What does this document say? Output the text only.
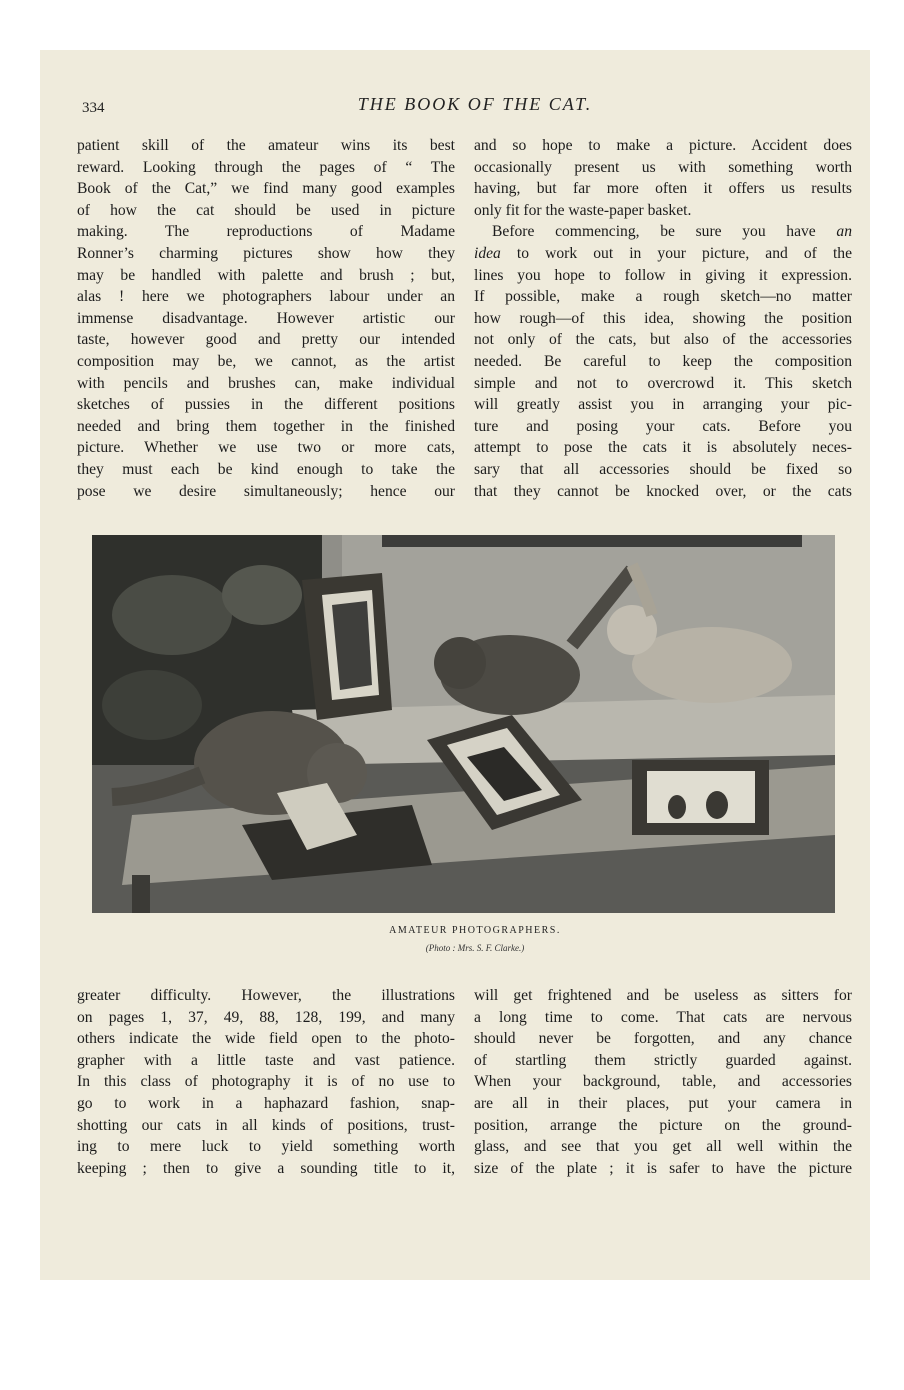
334	THE BOOK OF THE CAT.
patient skill of the amateur wins its best
reward. Looking through the pages of “ The
Book of the Cat,” we find many good examples
of how the cat should be used in picture
making. The reproductions of Madame
Ronner’s charming pictures show how they
may be handled with palette and brush ; but,
alas ! here we photographers labour under an
immense disadvantage. However artistic our
taste, however good and pretty our intended
composition may be, we cannot, as the artist
with pencils and brushes can, make individual
sketches of pussies in the different positions
needed and bring them together in the finished
picture. Whether we use two or more cats,
they must each be kind enough to take the
pose we desire simultaneously; hence our
and so hope to make a picture. Accident does
occasionally present us with something worth
having, but far more often it offers us results
only fit for the waste-paper basket.
Before commencing, be sure you have an
idea to work out in your picture, and of the
lines you hope to follow in giving it expression.
If possible, make a rough sketch—no matter
how rough—of this idea, showing the position
not only of the cats, but also of the accessories
needed. Be careful to keep the composition
simple and not to overcrowd it. This sketch
will greatly assist you in arranging your pic-
ture and posing your cats. Before you
attempt to pose the cats it is absolutely neces-
sary that all accessories should be fixed so
that they cannot be knocked over, or the cats
AMATEUR PHOTOGRAPHERS.
(Photo : Mrs. S. F. Clarke.)
greater difficulty. However, the illustrations
on pages 1, 37, 49, 88, 128, 199, and many
others indicate the wide field open to the photo-
grapher with a little taste and vast patience.
In this class of photography it is of no use to
go to work in a haphazard fashion, snap-
shotting our cats in all kinds of positions, trust-
ing to mere luck to yield something worth
keeping ; then to give a sounding title to it,
will get frightened and be useless as sitters for
a long time to come. That cats are nervous
should never be forgotten, and any chance
of startling them strictly guarded against.
When your background, table, and accessories
are all in their places, put your camera in
position, arrange the picture on the ground-
glass, and see that you get all well within the
size of the plate ; it is safer to have the picture
